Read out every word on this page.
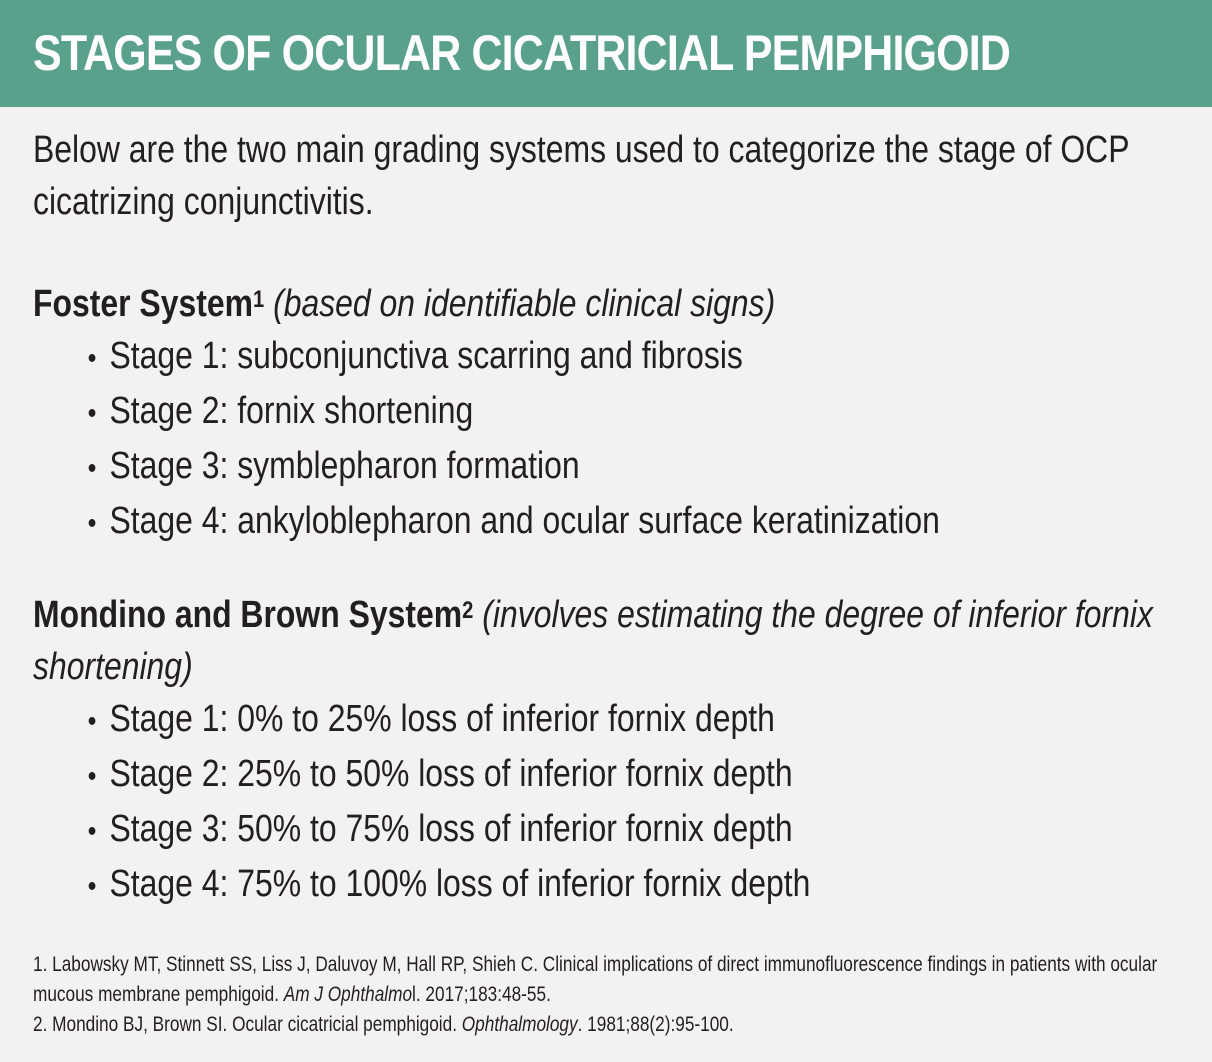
STAGES OF OCULAR CICATRICIAL PEMPHIGOID

Below are the two main grading systems used to categorize the stage of OCP cicatrizing conjunctivitis.

Foster System$^1$ (based on identifiable clinical signs)

• Stage 1: subconjunctiva scarring and fibrosis
• Stage 2: fornix shortening
• Stage 3: symblepharon formation
• Stage 4: ankyloblepharon and ocular surface keratinization

Mondino and Brown System$^2$ (involves estimating the degree of inferior fornix shortening)

• Stage 1: 0% to 25% loss of inferior fornix depth
• Stage 2: 25% to 50% loss of inferior fornix depth
• Stage 3: 50% to 75% loss of inferior fornix depth
• Stage 4: 75% to 100% loss of inferior fornix depth

1. Labowsky MT, Stinnett SS, Liss J, Daluvoy M, Hall RP, Shieh C. Clinical implications of direct immunofluorescence findings in patients with ocular mucous membrane pemphigoid. Am J Ophthalmol. 2017;183:48-55.

2. Mondino BJ, Brown SI. Ocular cicatricial pemphigoid. Ophthalmology. 1981;88(2):95-100.
